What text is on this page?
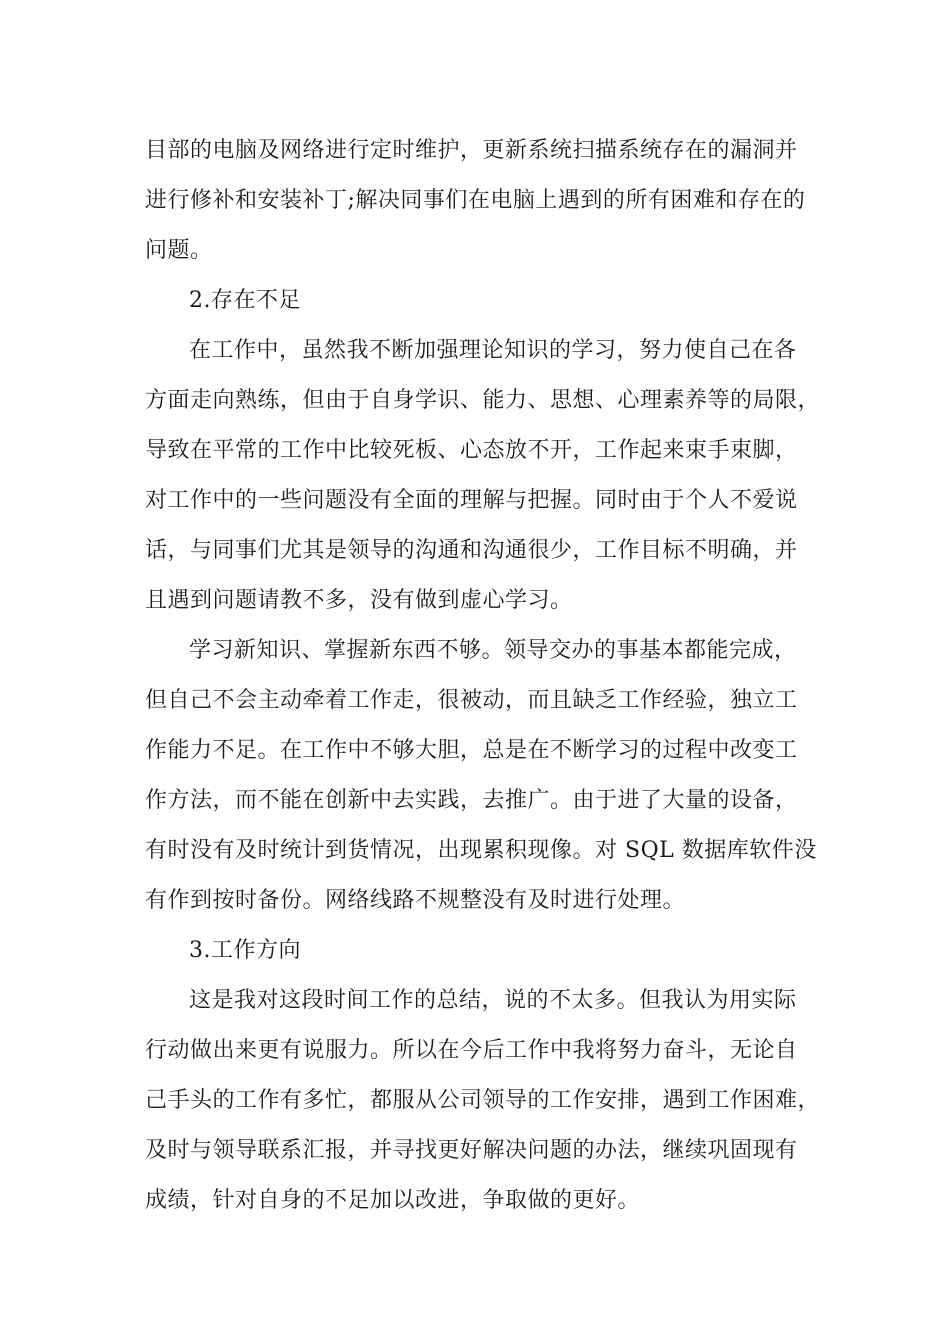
目部的电脑及网络进行定时维护，更新系统扫描系统存在的漏洞并
进行修补和安装补丁;解决同事们在电脑上遇到的所有困难和存在的
问题。
2.存在不足
在工作中，虽然我不断加强理论知识的学习，努力使自己在各
方面走向熟练，但由于自身学识、能力、思想、心理素养等的局限，
导致在平常的工作中比较死板、心态放不开，工作起来束手束脚，
对工作中的一些问题没有全面的理解与把握。同时由于个人不爱说
话，与同事们尤其是领导的沟通和沟通很少，工作目标不明确，并
且遇到问题请教不多，没有做到虚心学习。
学习新知识、掌握新东西不够。领导交办的事基本都能完成，
但自己不会主动牵着工作走，很被动，而且缺乏工作经验，独立工
作能力不足。在工作中不够大胆，总是在不断学习的过程中改变工
作方法，而不能在创新中去实践，去推广。由于进了大量的设备，
有时没有及时统计到货情况，出现累积现像。对 SQL 数据库软件没
有作到按时备份。网络线路不规整没有及时进行处理。
3.工作方向
这是我对这段时间工作的总结，说的不太多。但我认为用实际
行动做出来更有说服力。所以在今后工作中我将努力奋斗，无论自
己手头的工作有多忙，都服从公司领导的工作安排，遇到工作困难，
及时与领导联系汇报，并寻找更好解决问题的办法，继续巩固现有
成绩，针对自身的不足加以改进，争取做的更好。
